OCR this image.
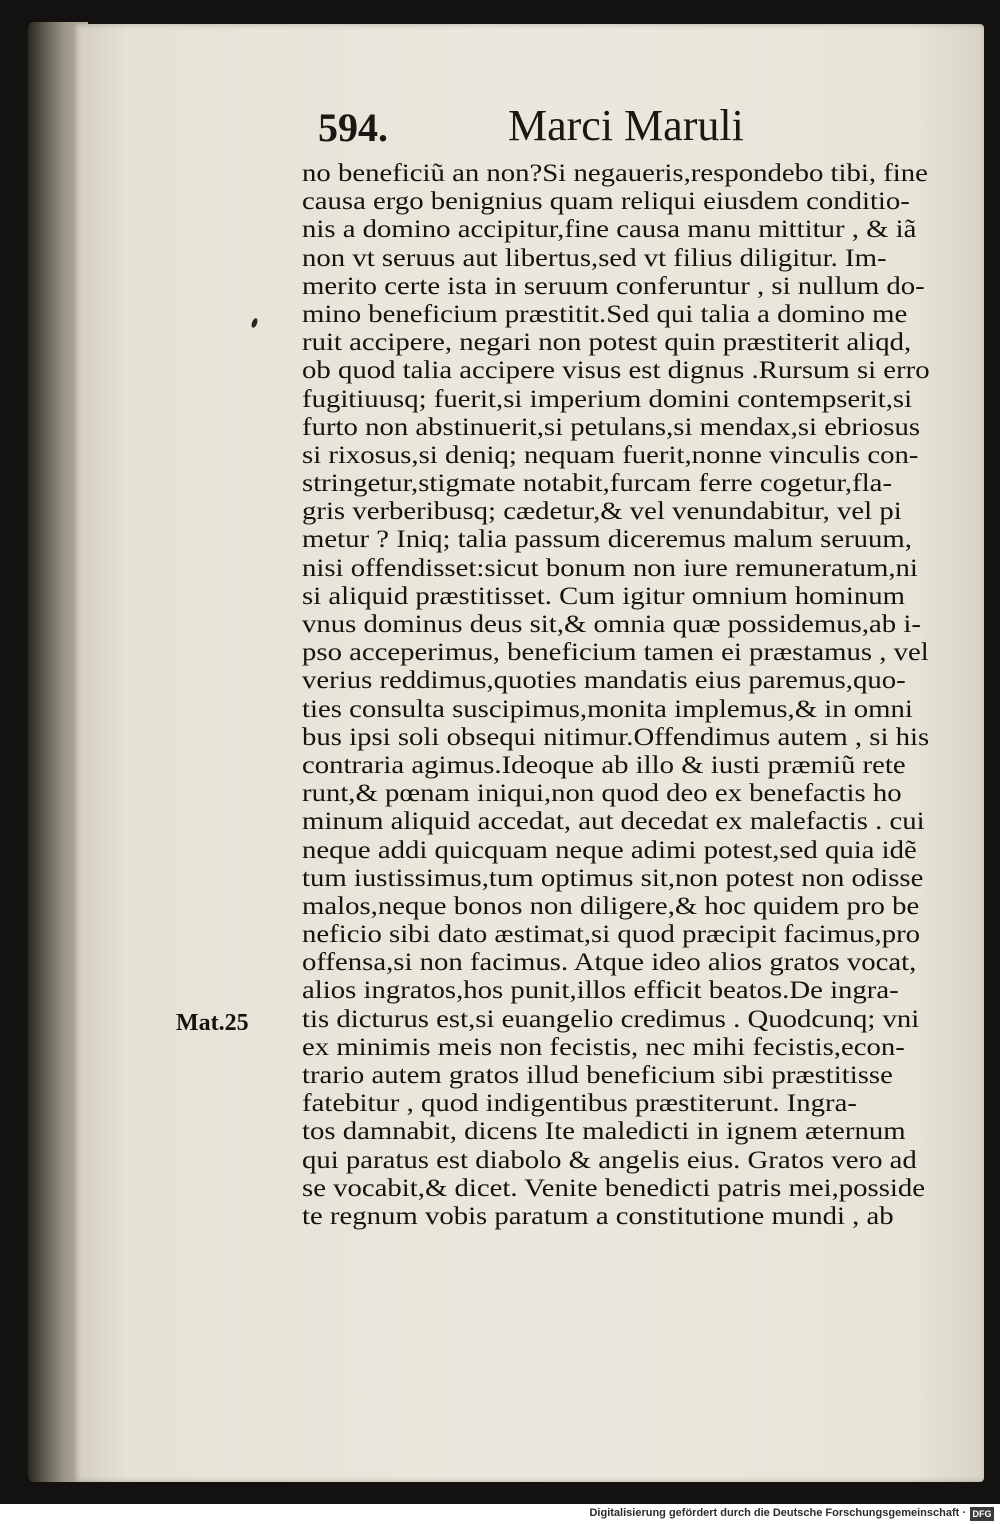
594.	Marci Maruli
Mat.25
no beneficiũ an non?Si negaueris,respondebo tibi, fine
causa ergo benignius quam reliqui eiusdem conditio-
nis a domino accipitur,fine causa manu mittitur , & iã
non vt seruus aut libertus,sed vt filius diligitur. Im-
merito certe ista in seruum conferuntur , si nullum do-
mino beneficium præstitit.Sed qui talia a domino me
ruit accipere, negari non potest quin præstiterit aliqd,
ob quod talia accipere visus est dignus .Rursum si erro
fugitiuusq; fuerit,si imperium domini contempserit,si
furto non abstinuerit,si petulans,si mendax,si ebriosus
si rixosus,si deniq; nequam fuerit,nonne vinculis con-
stringetur,stigmate notabit,furcam ferre cogetur,fla-
gris verberibusq; cædetur,& vel venundabitur, vel pi
metur ? Iniq; talia passum diceremus malum seruum,
nisi offendisset:sicut bonum non iure remuneratum,ni
si aliquid præstitisset. Cum igitur omnium hominum
vnus dominus deus sit,& omnia quæ possidemus,ab i-
pso acceperimus, beneficium tamen ei præstamus , vel
verius reddimus,quoties mandatis eius paremus,quo-
ties consulta suscipimus,monita implemus,& in omni
bus ipsi soli obsequi nitimur.Offendimus autem , si his
contraria agimus.Ideoque ab illo & iusti præmiũ rete
runt,& pœnam iniqui,non quod deo ex benefactis ho
minum aliquid accedat, aut decedat ex malefactis . cui
neque addi quicquam neque adimi potest,sed quia idẽ
tum iustissimus,tum optimus sit,non potest non odisse
malos,neque bonos non diligere,& hoc quidem pro be
neficio sibi dato æstimat,si quod præcipit facimus,pro
offensa,si non facimus. Atque ideo alios gratos vocat,
alios ingratos,hos punit,illos efficit beatos.De ingra-
tis dicturus est,si euangelio credimus . Quodcunq; vni
ex minimis meis non fecistis, nec mihi fecistis,econ-
trario autem gratos illud beneficium sibi præstitisse
fatebitur , quod indigentibus præstiterunt. Ingra-
tos damnabit, dicens Ite maledicti in ignem æternum
qui paratus est diabolo & angelis eius. Gratos vero ad
se vocabit,& dicet. Venite benedicti patris mei,posside
te regnum vobis paratum a constitutione mundi , ab
Digitalisierung gefördert durch die Deutsche Forschungsgemeinschaft · DFG
